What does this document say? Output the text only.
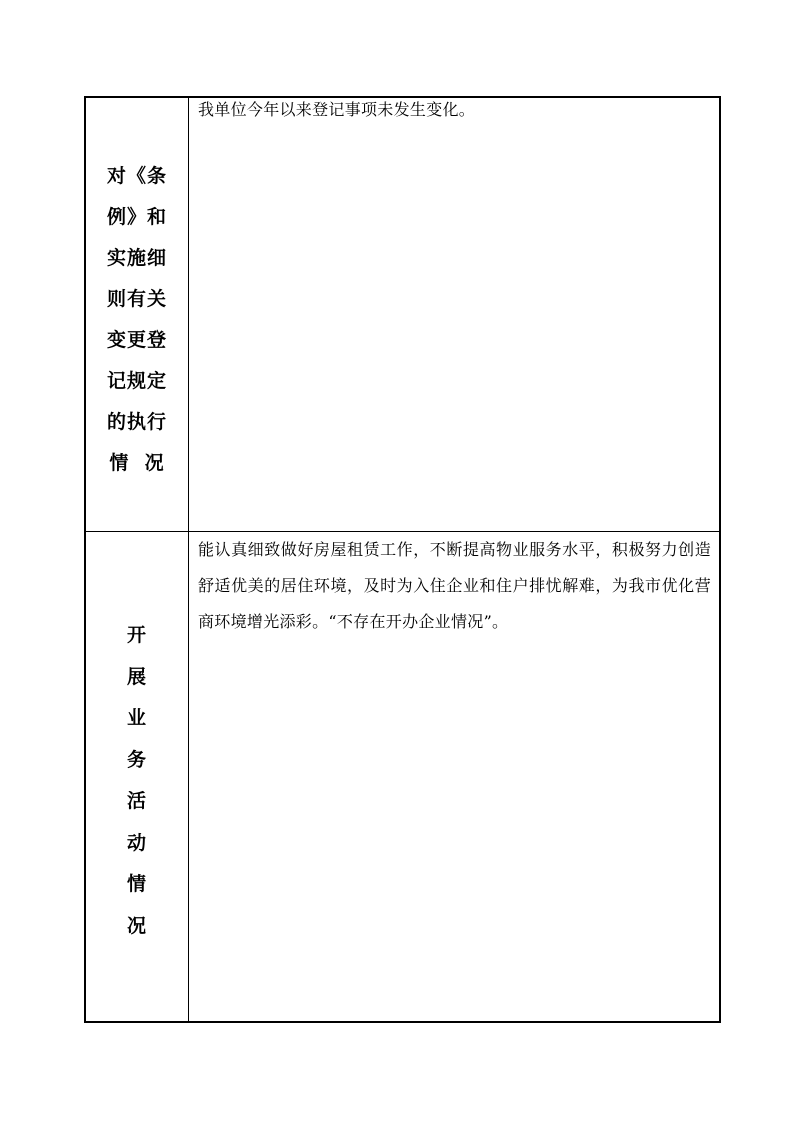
对《条
例》和
实施细
则有关
变更登
记规定
的执行
情  况

我单位今年以来登记事项未发生变化。

开
展
业
务
活
动
情
况

能认真细致做好房屋租赁工作，不断提高物业服务水平，积极努力创造舒适优美的居住环境，及时为入住企业和住户排忧解难，为我市优化营商环境增光添彩。“不存在开办企业情况”。
